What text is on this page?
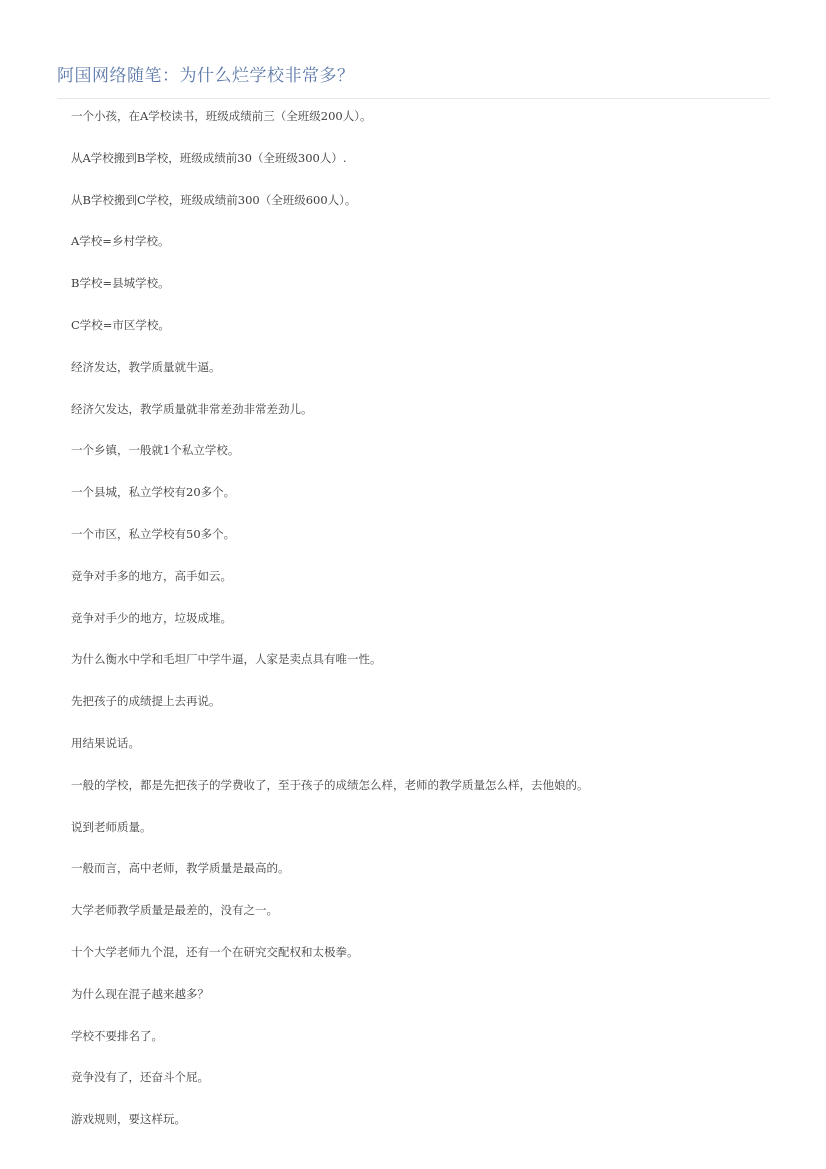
阿国网络随笔：为什么烂学校非常多？
一个小孩，在A学校读书，班级成绩前三（全班级200人）。
从A学校搬到B学校，班级成绩前30（全班级300人）.
从B学校搬到C学校，班级成绩前300（全班级600人）。
A学校=乡村学校。
B学校=县城学校。
C学校=市区学校。
经济发达，教学质量就牛逼。
经济欠发达，教学质量就非常差劲非常差劲儿。
一个乡镇，一般就1个私立学校。
一个县城，私立学校有20多个。
一个市区，私立学校有50多个。
竞争对手多的地方，高手如云。
竞争对手少的地方，垃圾成堆。
为什么衡水中学和毛坦厂中学牛逼，人家是卖点具有唯一性。
先把孩子的成绩提上去再说。
用结果说话。
一般的学校，都是先把孩子的学费收了，至于孩子的成绩怎么样，老师的教学质量怎么样，去他娘的。
说到老师质量。
一般而言，高中老师，教学质量是最高的。
大学老师教学质量是最差的，没有之一。
十个大学老师九个混，还有一个在研究交配权和太极拳。
为什么现在混子越来越多？
学校不要排名了。
竞争没有了，还奋斗个屁。
游戏规则，要这样玩。
